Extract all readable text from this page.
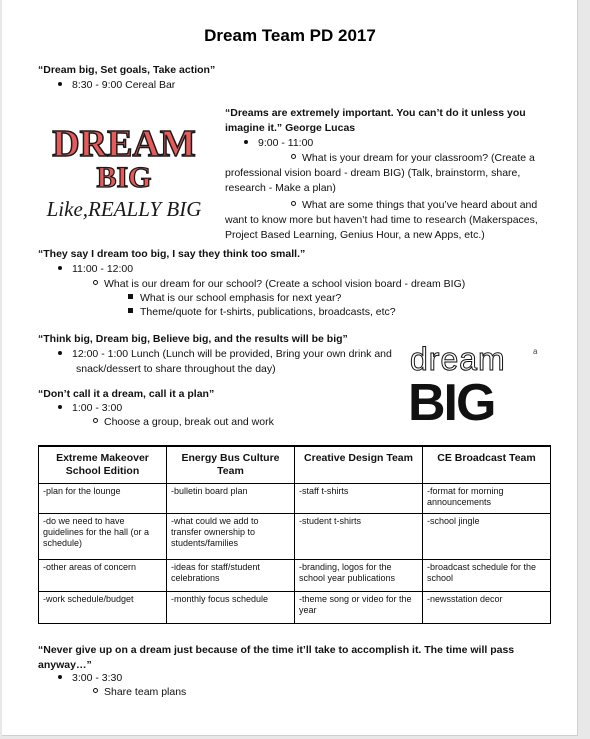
Dream Team PD 2017
“Dream big, Set goals, Take action”
8:30 - 9:00 Cereal Bar
DREAM
BIG
Like,REALLY BIG
“Dreams are extremely important. You can’t do it unless you
imagine it.” George Lucas
9:00 - 11:00
What is your dream for your classroom? (Create a
professional vision board - dream BIG) (Talk, brainstorm, share,
research - Make a plan)
What are some things that you’ve heard about and
want to know more but haven’t had time to research (Makerspaces,
Project Based Learning, Genius Hour, a new Apps, etc.)
“They say I dream too big, I say they think too small.”
11:00 - 12:00
What is our dream for our school? (Create a school vision board - dream BIG)
What is our school emphasis for next year?
Theme/quote for t-shirts, publications, broadcasts, etc?
“Think big, Dream big, Believe big, and the results will be big”
12:00 - 1:00 Lunch (Lunch will be provided, Bring your own drink and
snack/dessert to share throughout the day)	dream
BIG
a
“Don’t call it a dream, call it a plan”
1:00 - 3:00
Choose a group, break out and work
Extreme Makeover School Edition	Energy Bus Culture Team	Creative Design Team	CE Broadcast Team
-plan for the lounge	-bulletin board plan	-staff t-shirts	-format for morning announcements
-do we need to have guidelines for the hall (or a schedule)	-what could we add to transfer ownership to students/families	-student t-shirts	-school jingle
-other areas of concern	-ideas for staff/student celebrations	-branding, logos for the school year publications	-broadcast schedule for the school
-work schedule/budget	-monthly focus schedule	-theme song or video for the year	-newsstation decor
“Never give up on a dream just because of the time it’ll take to accomplish it. The time will pass
anyway…”
3:00 - 3:30
Share team plans
